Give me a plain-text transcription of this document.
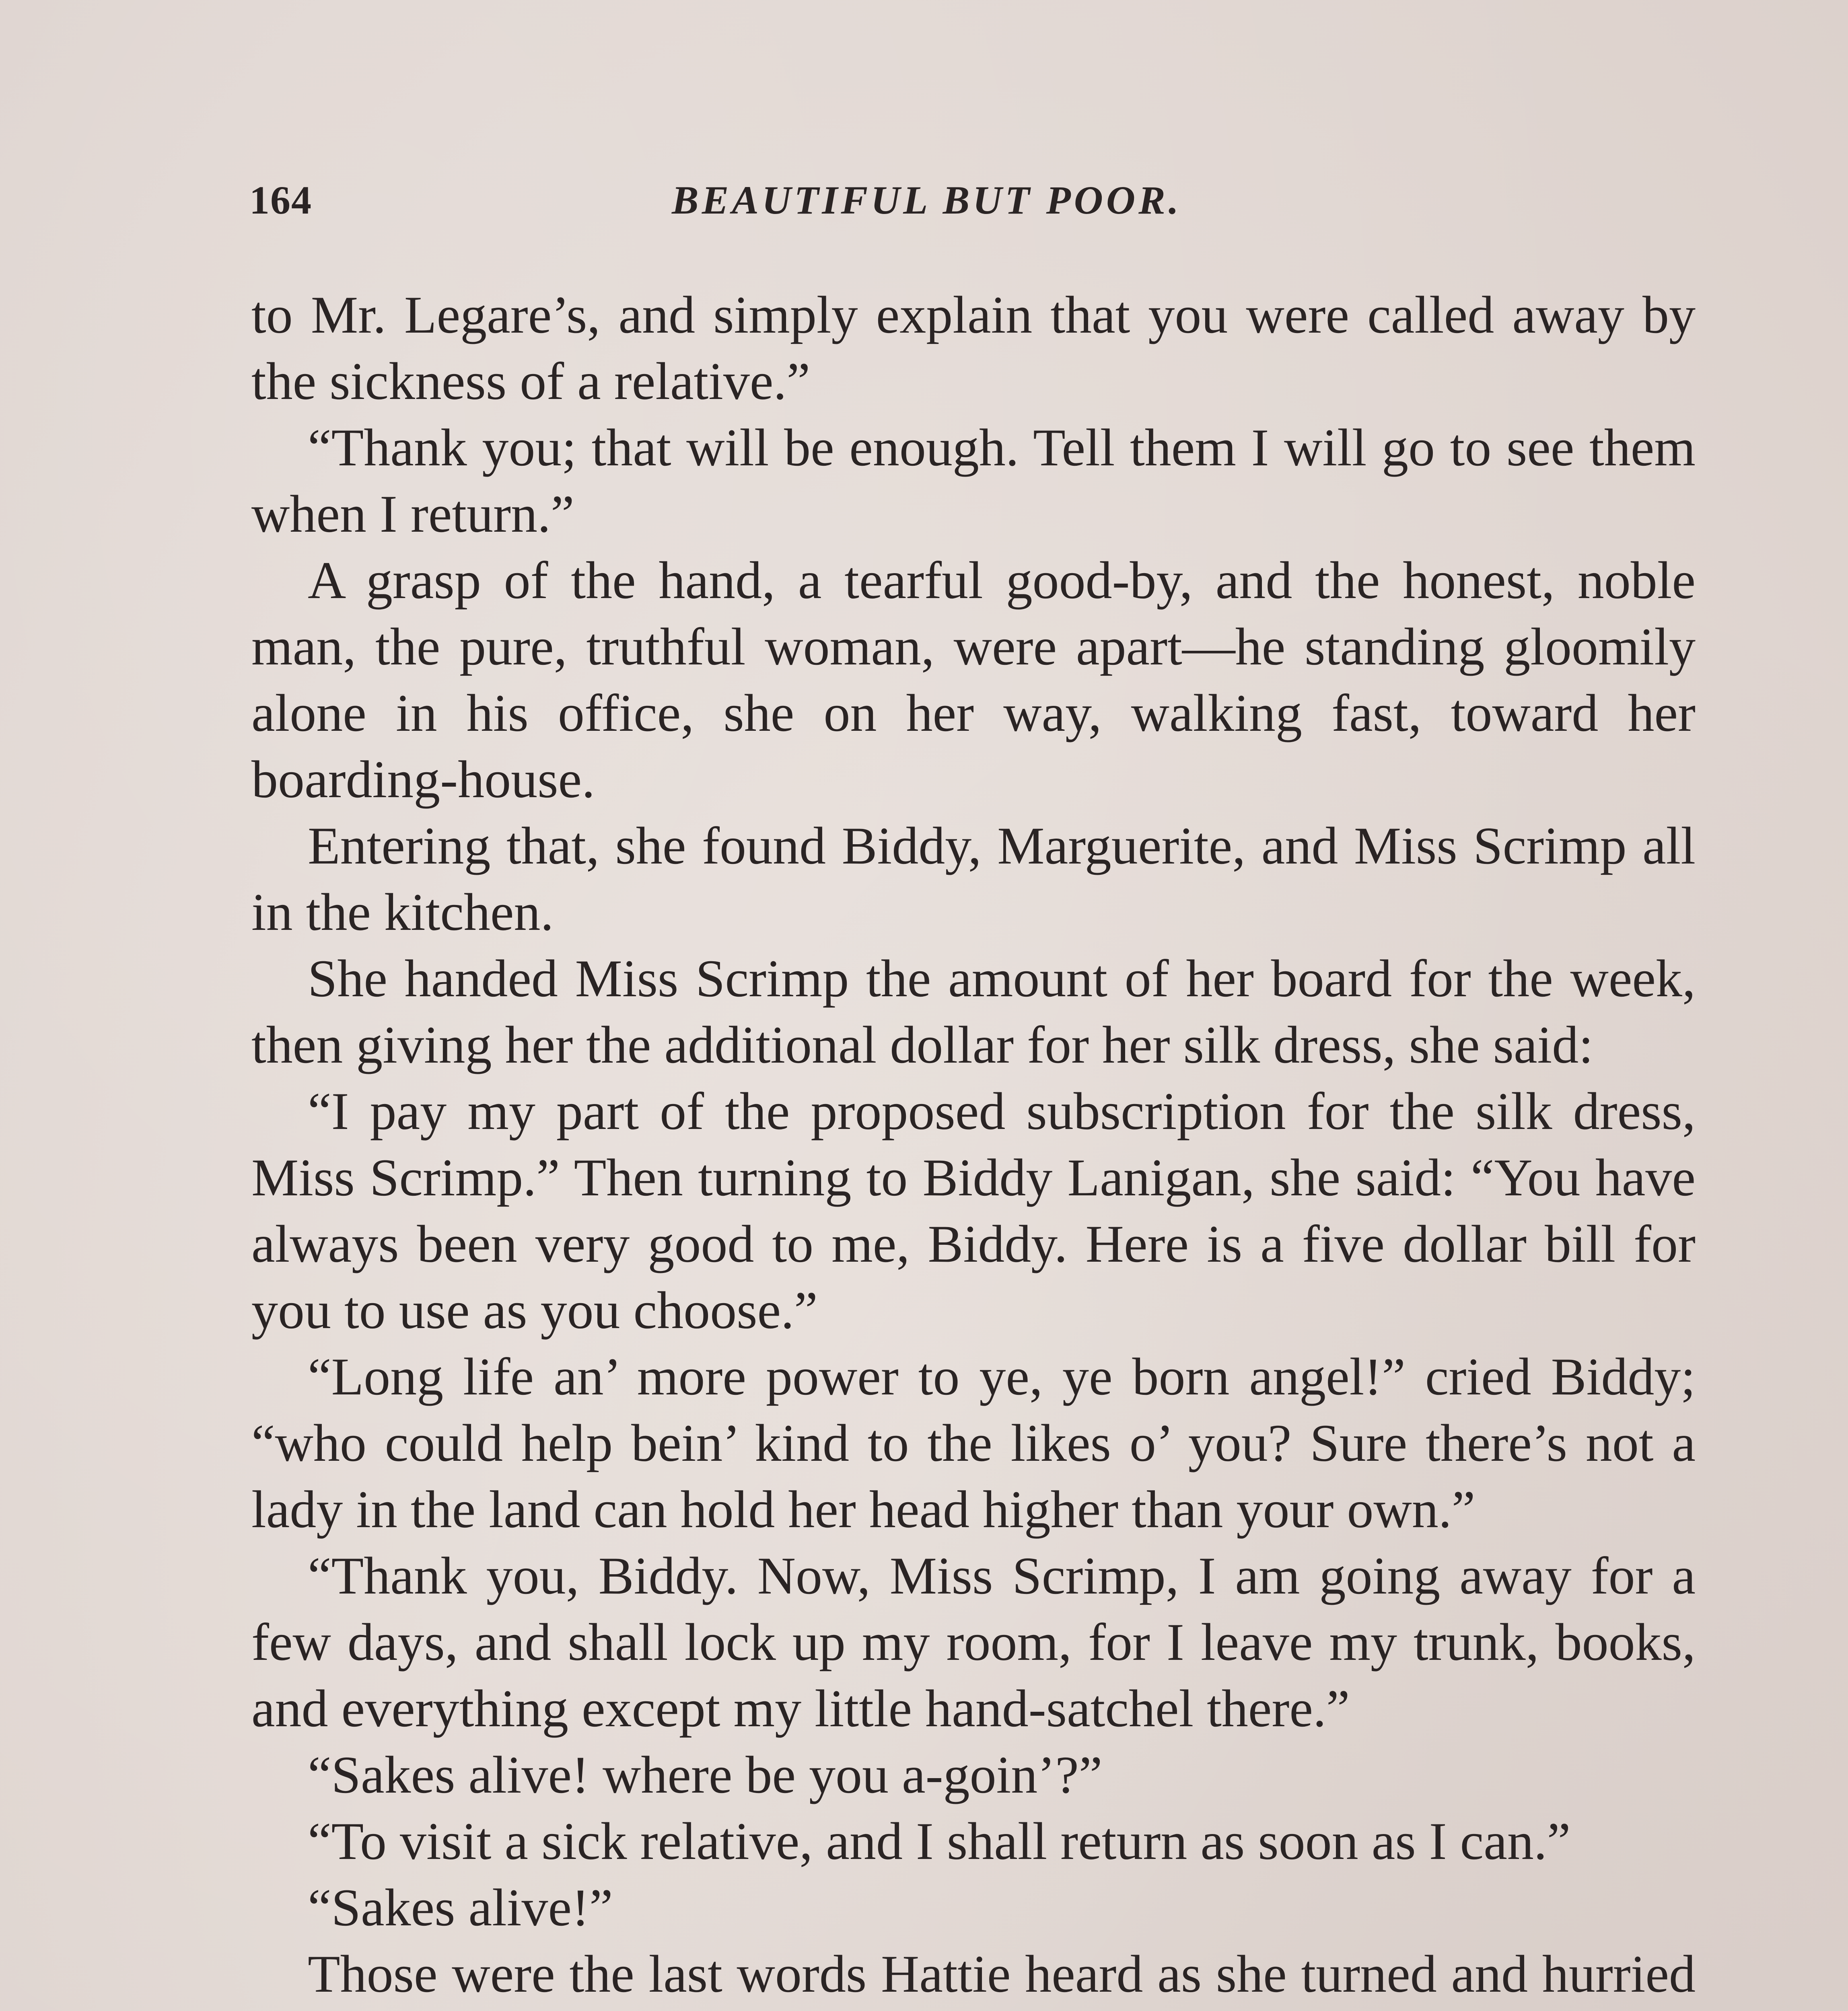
164	BEAUTIFUL BUT POOR.

to Mr. Legare’s, and simply explain that you were called away by the sickness of a relative.”

“Thank you; that will be enough. Tell them I will go to see them when I return.”

A grasp of the hand, a tearful good-by, and the honest, noble man, the pure, truthful woman, were apart—he standing gloomily alone in his office, she on her way, walking fast, toward her boarding-house.

Entering that, she found Biddy, Marguerite, and Miss Scrimp all in the kitchen.

She handed Miss Scrimp the amount of her board for the week, then giving her the additional dollar for her silk dress, she said:

“I pay my part of the proposed subscription for the silk dress, Miss Scrimp.” Then turning to Biddy Lanigan, she said: “You have always been very good to me, Biddy. Here is a five dollar bill for you to use as you choose.”

“Long life an’ more power to ye, ye born angel!” cried Biddy; “who could help bein’ kind to the likes o’ you? Sure there’s not a lady in the land can hold her head higher than your own.”

“Thank you, Biddy. Now, Miss Scrimp, I am going away for a few days, and shall lock up my room, for I leave my trunk, books, and everything except my little hand-satchel there.”

“Sakes alive! where be you a-goin’?”

“To visit a sick relative, and I shall return as soon as I can.”

“Sakes alive!”

Those were the last words Hattie heard as she turned and hurried
